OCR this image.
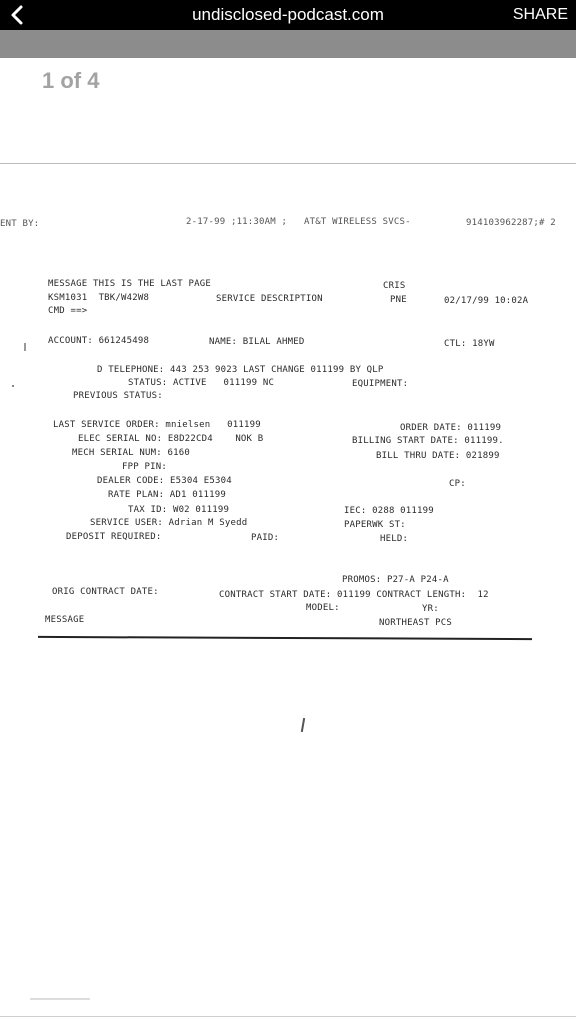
undisclosed-podcast.com	SHARE
1 of 4
ENT BY:	2-17-99 ;11:30AM ; AT&T WIRELESS SVCS-	914103962287;# 2
MESSAGE THIS IS THE LAST PAGE	CRIS
KSM1031  TBK/W42W8	SERVICE DESCRIPTION	PNE	02/17/99 10:02A
CMD ==>
ACCOUNT: 661245498	NAME: BILAL AHMED	CTL: 18YW
D TELEPHONE: 443 253 9023 LAST CHANGE 011199 BY QLP
STATUS: ACTIVE   011199 NC	EQUIPMENT:
PREVIOUS STATUS:
LAST SERVICE ORDER: mnielsen   011199	ORDER DATE: 011199
ELEC SERIAL NO: E8D22CD4    NOK B	BILLING START DATE: 011199.
MECH SERIAL NUM: 6160	BILL THRU DATE: 021899
FPP PIN:
DEALER CODE: E5304 E5304	CP:
RATE PLAN: AD1 011199
TAX ID: W02 011199	IEC: 0288 011199
SERVICE USER: Adrian M Syedd	PAPERWK ST:
DEPOSIT REQUIRED:	PAID:	HELD:
PROMOS: P27-A P24-A
ORIG CONTRACT DATE:	CONTRACT START DATE: 011199 CONTRACT LENGTH:  12
MODEL:	YR:
MESSAGE	NORTHEAST PCS
